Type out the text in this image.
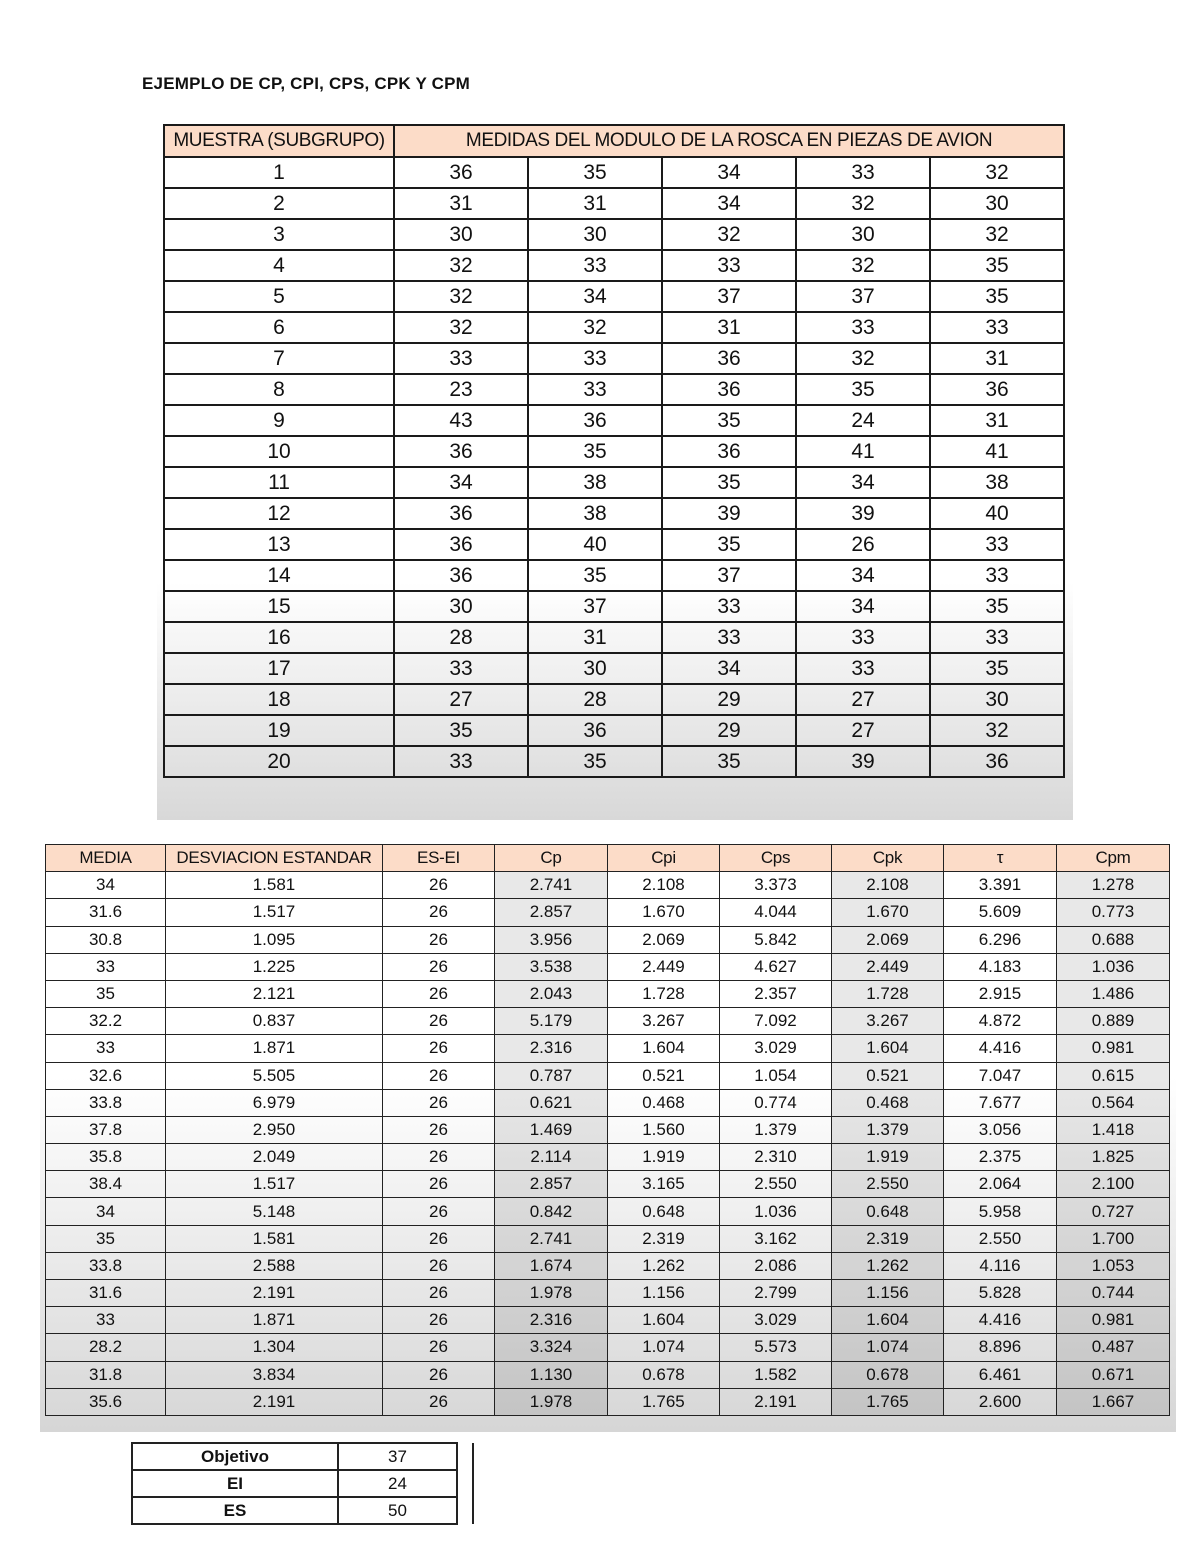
EJEMPLO DE CP, CPI, CPS, CPK Y CPM
MUESTRA (SUBGRUPO)	MEDIDAS DEL MODULO DE LA ROSCA EN PIEZAS DE AVION				
1	36	35	34	33	32
2	31	31	34	32	30
3	30	30	32	30	32
4	32	33	33	32	35
5	32	34	37	37	35
6	32	32	31	33	33
7	33	33	36	32	31
8	23	33	36	35	36
9	43	36	35	24	31
10	36	35	36	41	41
11	34	38	35	34	38
12	36	38	39	39	40
13	36	40	35	26	33
14	36	35	37	34	33
15	30	37	33	34	35
16	28	31	33	33	33
17	33	30	34	33	35
18	27	28	29	27	30
19	35	36	29	27	32
20	33	35	35	39	36
MEDIA	DESVIACION ESTANDAR	ES-EI	Cp	Cpi	Cps	Cpk	τ	Cpm
34	1.581	26	2.741	2.108	3.373	2.108	3.391	1.278
31.6	1.517	26	2.857	1.670	4.044	1.670	5.609	0.773
30.8	1.095	26	3.956	2.069	5.842	2.069	6.296	0.688
33	1.225	26	3.538	2.449	4.627	2.449	4.183	1.036
35	2.121	26	2.043	1.728	2.357	1.728	2.915	1.486
32.2	0.837	26	5.179	3.267	7.092	3.267	4.872	0.889
33	1.871	26	2.316	1.604	3.029	1.604	4.416	0.981
32.6	5.505	26	0.787	0.521	1.054	0.521	7.047	0.615
33.8	6.979	26	0.621	0.468	0.774	0.468	7.677	0.564
37.8	2.950	26	1.469	1.560	1.379	1.379	3.056	1.418
35.8	2.049	26	2.114	1.919	2.310	1.919	2.375	1.825
38.4	1.517	26	2.857	3.165	2.550	2.550	2.064	2.100
34	5.148	26	0.842	0.648	1.036	0.648	5.958	0.727
35	1.581	26	2.741	2.319	3.162	2.319	2.550	1.700
33.8	2.588	26	1.674	1.262	2.086	1.262	4.116	1.053
31.6	2.191	26	1.978	1.156	2.799	1.156	5.828	0.744
33	1.871	26	2.316	1.604	3.029	1.604	4.416	0.981
28.2	1.304	26	3.324	1.074	5.573	1.074	8.896	0.487
31.8	3.834	26	1.130	0.678	1.582	0.678	6.461	0.671
35.6	2.191	26	1.978	1.765	2.191	1.765	2.600	1.667
Objetivo	37	
EI	24	
ES	50	
